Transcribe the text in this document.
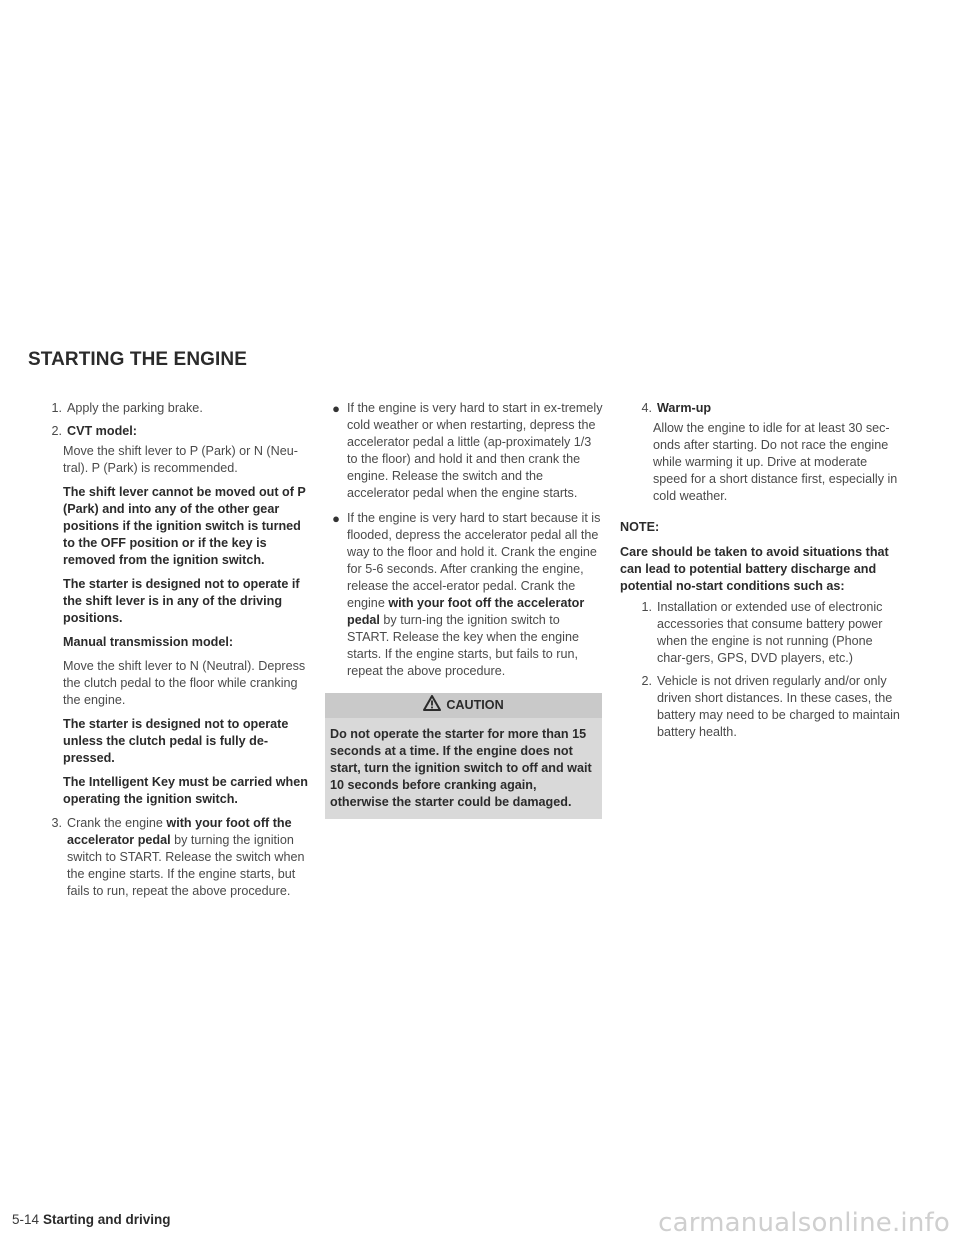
STARTING THE ENGINE
1. Apply the parking brake.
2. CVT model:

Move the shift lever to P (Park) or N (Neu-tral). P (Park) is recommended.

The shift lever cannot be moved out of P (Park) and into any of the other gear positions if the ignition switch is turned to the OFF position or if the key is removed from the ignition switch.

The starter is designed not to operate if the shift lever is in any of the driving positions.

Manual transmission model:

Move the shift lever to N (Neutral). Depress the clutch pedal to the floor while cranking the engine.

The starter is designed not to operate unless the clutch pedal is fully de-pressed.

The Intelligent Key must be carried when operating the ignition switch.

3. Crank the engine with your foot off the accelerator pedal by turning the ignition switch to START. Release the switch when the engine starts. If the engine starts, but fails to run, repeat the above procedure.
● If the engine is very hard to start in ex-tremely cold weather or when restarting, depress the accelerator pedal a little (ap-proximately 1/3 to the floor) and hold it and then crank the engine. Release the switch and the accelerator pedal when the engine starts.
● If the engine is very hard to start because it is flooded, depress the accelerator pedal all the way to the floor and hold it. Crank the engine for 5-6 seconds. After cranking the engine, release the accel-erator pedal. Crank the engine with your foot off the accelerator pedal by turn-ing the ignition switch to START. Release the key when the engine starts. If the engine starts, but fails to run, repeat the above procedure.
CAUTION
Do not operate the starter for more than 15 seconds at a time. If the engine does not start, turn the ignition switch to off and wait 10 seconds before cranking again, otherwise the starter could be damaged.
4. Warm-up

Allow the engine to idle for at least 30 sec-onds after starting. Do not race the engine while warming it up. Drive at moderate speed for a short distance first, especially in cold weather.

NOTE:

Care should be taken to avoid situations that can lead to potential battery discharge and potential no-start conditions such as:

1. Installation or extended use of electronic accessories that consume battery power when the engine is not running (Phone char-gers, GPS, DVD players, etc.)
2. Vehicle is not driven regularly and/or only driven short distances. In these cases, the battery may need to be charged to maintain battery health.
5-14 Starting and driving	carmanualsonline.info
